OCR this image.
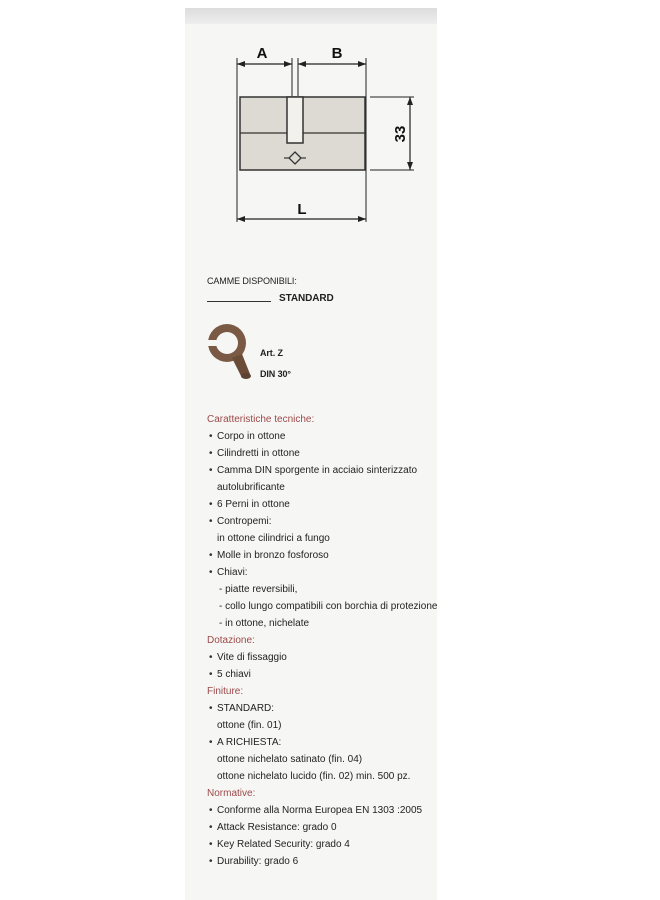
A	B
33
L
CAMME DISPONIBILI:
STANDARD
Art. Z
DIN 30°
Caratteristiche tecniche:
• Corpo in ottone
• Cilindretti in ottone
• Camma DIN sporgente in acciaio sinterizzato
autolubrificante
• 6 Perni in ottone
• Contropemi:
in ottone cilindrici a fungo
• Molle in bronzo fosforoso
• Chiavi:
- piatte reversibili,
- collo lungo compatibili con borchia di protezione
- in ottone, nichelate
Dotazione:
• Vite di fissaggio
• 5 chiavi
Finiture:
• STANDARD:
ottone (fin. 01)
• A RICHIESTA:
ottone nichelato satinato (fin. 04)
ottone nichelato lucido (fin. 02) min. 500 pz.
Normative:
• Conforme alla Norma Europea EN 1303 :2005
• Attack Resistance: grado 0
• Key Related Security: grado 4
• Durability: grado 6
